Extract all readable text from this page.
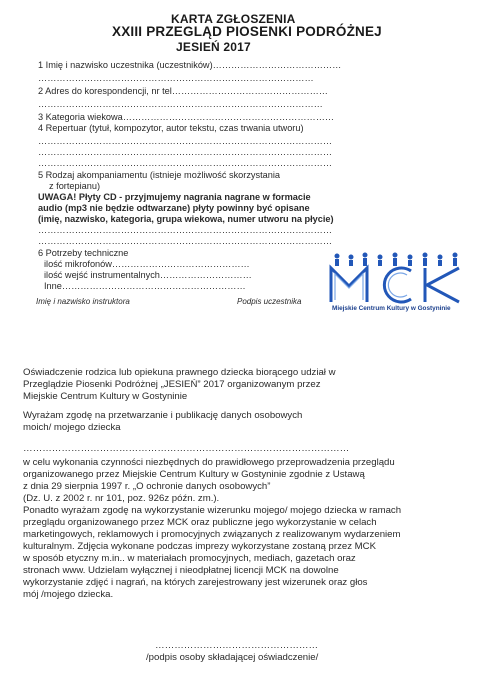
KARTA ZGŁOSZENIA
XXIII PRZEGLĄD PIOSENKI PODRÓŻNEJ
JESIEŃ 2017
1 Imię i nazwisko uczestnika (uczestników)……………………………………
………………………………………………………………………………
2 Adres do korespondencji, nr tel……………………………………………
…………………………………………………………………………………
3 Kategoria wiekowa……………………………………………………………
4 Repertuar (tytuł, kompozytor, autor tekstu, czas trwania utworu)
……………………………………………………………………………………
……………………………………………………………………………………
……………………………………………………………………………………
5 Rodzaj akompaniamentu (istnieje możliwość skorzystania
z fortepianu)
UWAGA! Płyty CD - przyjmujemy nagrania nagrane w formacie
audio (mp3 nie będzie odtwarzane) płyty powinny być opisane
(imię, nazwisko, kategoria, grupa wiekowa, numer utworu na płycie)
……………………………………………………………………………………
……………………………………………………………………………………
6 Potrzeby techniczne
ilość mikrofonów………………………………………
ilość wejść instrumentalnych…………………………
Inne……………………………………………………
Imię i nazwisko instruktora	Podpis uczestnika
Miejskie Centrum Kultury w Gostyninie
Oświadczenie rodzica lub opiekuna prawnego dziecka biorącego udział w
Przeglądzie Piosenki Podróżnej „JESIEŃ” 2017 organizowanym przez
Miejskie Centrum Kultury w Gostyninie
Wyrażam zgodę na przetwarzanie i publikację danych osobowych
moich/ mojego dziecka
…………………………………………………………………………………………
w celu wykonania czynności niezbędnych do prawidłowego przeprowadzenia przeglądu
organizowanego przez Miejskie Centrum Kultury w Gostyninie zgodnie z Ustawą
z dnia 29 sierpnia 1997 r. „O ochronie danych osobowych”
(Dz. U. z 2002 r. nr 101, poz. 926z późn. zm.).
Ponadto wyrażam zgodę na wykorzystanie wizerunku mojego/ mojego dziecka w ramach
przeglądu organizowanego przez MCK oraz publiczne jego wykorzystanie w celach
marketingowych, reklamowych i promocyjnych związanych z realizowanym wydarzeniem
kulturalnym. Zdjęcia wykonane podczas imprezy wykorzystane zostaną przez MCK
w sposób etyczny m.in.. w materiałach promocyjnych, mediach, gazetach oraz
stronach www. Udzielam wyłącznej i nieodpłatnej licencji MCK na dowolne
wykorzystanie zdjęć i nagrań, na których zarejestrowany jest wizerunek oraz głos
mój /mojego dziecka.
……………………………………………
/podpis osoby składającej oświadczenie/
